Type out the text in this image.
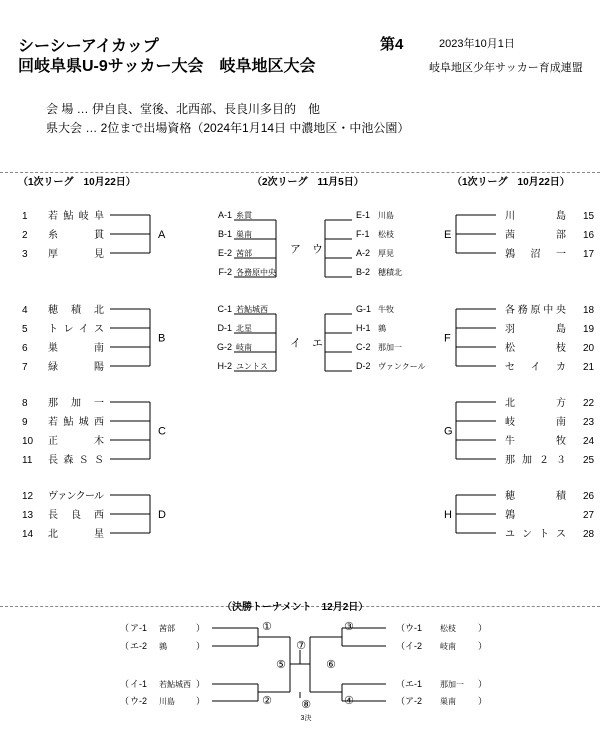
シーシーアイカップ
回岐阜県U-9サッカー大会　岐阜地区大会
第4	2023年10月1日
岐阜地区少年サッカー育成連盟
会 場 … 伊自良、堂後、北西部、長良川多目的　他
県大会 … 2位まで出場資格（2024年1月14日 中濃地区・中池公園）
（1次リーグ　10月22日）	（2次リーグ　11月5日）	（1次リーグ　10月22日）
1 若鮎岐阜
2 糸貫
3 厚見
A
4 穂積北
5 トレイス
6 巣南
7 緑陽
B
8 那加一
9 若鮎城西
10 正木
11 長森ＳＳ
C
12 ヴァンクール
13 長良西
14 北星
D
川島 15
茜部 16
鶉沼一 17
E
各務原中央 18
羽島 19
松枝 20
セイカ 21
F
北方 22
岐南 23
牛牧 24
那加２３ 25
G
穂積 26
鶉	27
ユントス 28
H
A-1 糸貫
B-1 巣南
E-2 茜部
F-2 各務原中央
E-1 川島
F-1 松枝
A-2 厚見
B-2 穂積北
ア ウ
C-1 若鮎城西
D-1 北星
G-2 岐南
H-2 ユントス
G-1 牛牧
H-1 鶉
C-2 那加一
D-2 ヴァンクール
イ エ
（決勝トーナメント　12月2日）
（ ア-1 茜部 ）
（ エ-2 鶉	）
（ イ-1 若鮎城西 ）
（ ウ-2 川島 ）
（ ウ-1 松枝 ）
（ イ-2 岐南 ）
（ エ-1 那加一 ）
（ ア-2 巣南 ）
①
②
③
④
⑤	⑥
⑦
⑧
3決
